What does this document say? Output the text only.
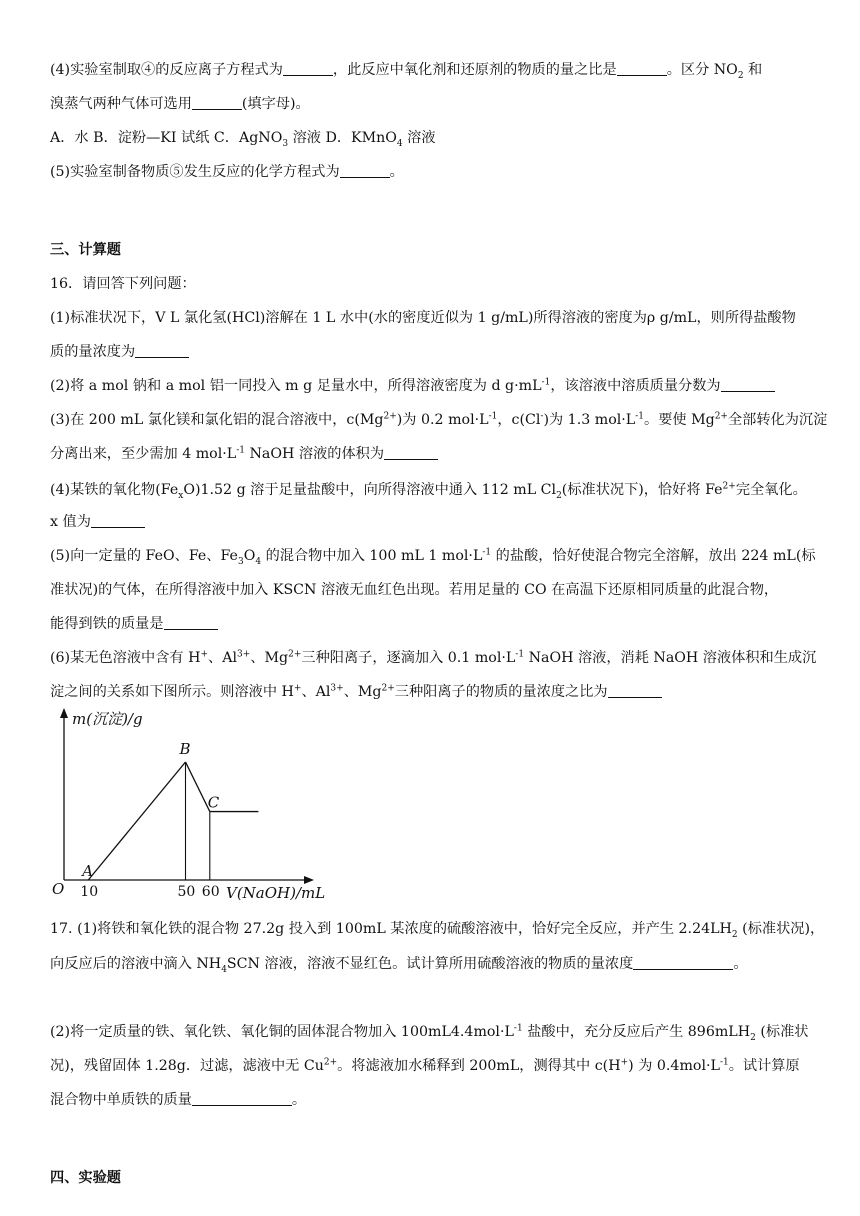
(4)实验室制取④的反应离子方程式为	，此反应中氧化剂和还原剂的物质的量之比是	。区分 $NO_2$ 和
溴蒸气两种气体可选用	(填字母)。
A．水 B．淀粉—KI 试纸 C．AgNO$_3$ 溶液 D．KMnO$_4$ 溶液
(5)实验室制备物质⑤发生反应的化学方程式为	。
三、计算题
16．请回答下列问题：
(1)标准状况下，V L 氯化氢(HCl)溶解在 1 L 水中(水的密度近似为 1 g/mL)所得溶液的密度为ρ g/mL，则所得盐酸物
质的量浓度为
(2)将 a mol 钠和 a mol 铝一同投入 m g 足量水中，所得溶液密度为 d $g\cdot mL^{-1}$，该溶液中溶质质量分数为
(3)在 200 mL 氯化镁和氯化铝的混合溶液中，$c(Mg^{2+})$为 0.2 $mol\cdot L^{-1}$，c(Cl-)为 1.3 $mol\cdot L^{-1}$。要使 $Mg^{2+}$全部转化为沉淀
分离出来，至少需加 4 $mol\cdot L^{-1}$ NaOH 溶液的体积为
(4)某铁的氧化物$(Fe_xO)1.52$ g 溶于足量盐酸中，向所得溶液中通入 112 mL $Cl_2$(标准状况下)，恰好将 $Fe^{2+}$完全氧化。
x 值为
(5)向一定量的 FeO、Fe、$Fe_3O_4$ 的混合物中加入 100 mL 1 $mol\cdot L^{-1}$ 的盐酸，恰好使混合物完全溶解，放出 224 mL(标
准状况)的气体，在所得溶液中加入 KSCN 溶液无血红色出现。若用足量的 CO 在高温下还原相同质量的此混合物，
能得到铁的质量是
(6)某无色溶液中含有 H+、$Al^{3+}$、$Mg^{2+}$三种阳离子，逐滴加入 0.1 $mol\cdot L^{-1}$ NaOH 溶液，消耗 NaOH 溶液体积和生成沉
淀之间的关系如下图所示。则溶液中 H+、$Al^{3+}$、$Mg^{2+}$三种阳离子的物质的量浓度之比为
m(沉淀)/g
O	V(NaOH)/mL
A
B
C
10	50 60
17. (1)将铁和氧化铁的混合物 27.2g 投入到 100mL 某浓度的硫酸溶液中，恰好完全反应，并产生 $2.24LH_2$ (标准状况)，
向反应后的溶液中滴入 $NH_4SCN$ 溶液，溶液不显红色。试计算所用硫酸溶液的物质的量浓度	。
(2)将一定质量的铁、氧化铁、氧化铜的固体混合物加入 $100mL4.4mol\cdot L^{-1}$ 盐酸中，充分反应后产生 896mLH$_2$ (标准状
况)，残留固体 1.28g．过滤，滤液中无 $Cu^{2+}$。将滤液加水稀释到 200mL，测得其中 c(H+) 为 $0.4mol\cdot L^{-1}$。试计算原
混合物中单质铁的质量	。
四、实验题
